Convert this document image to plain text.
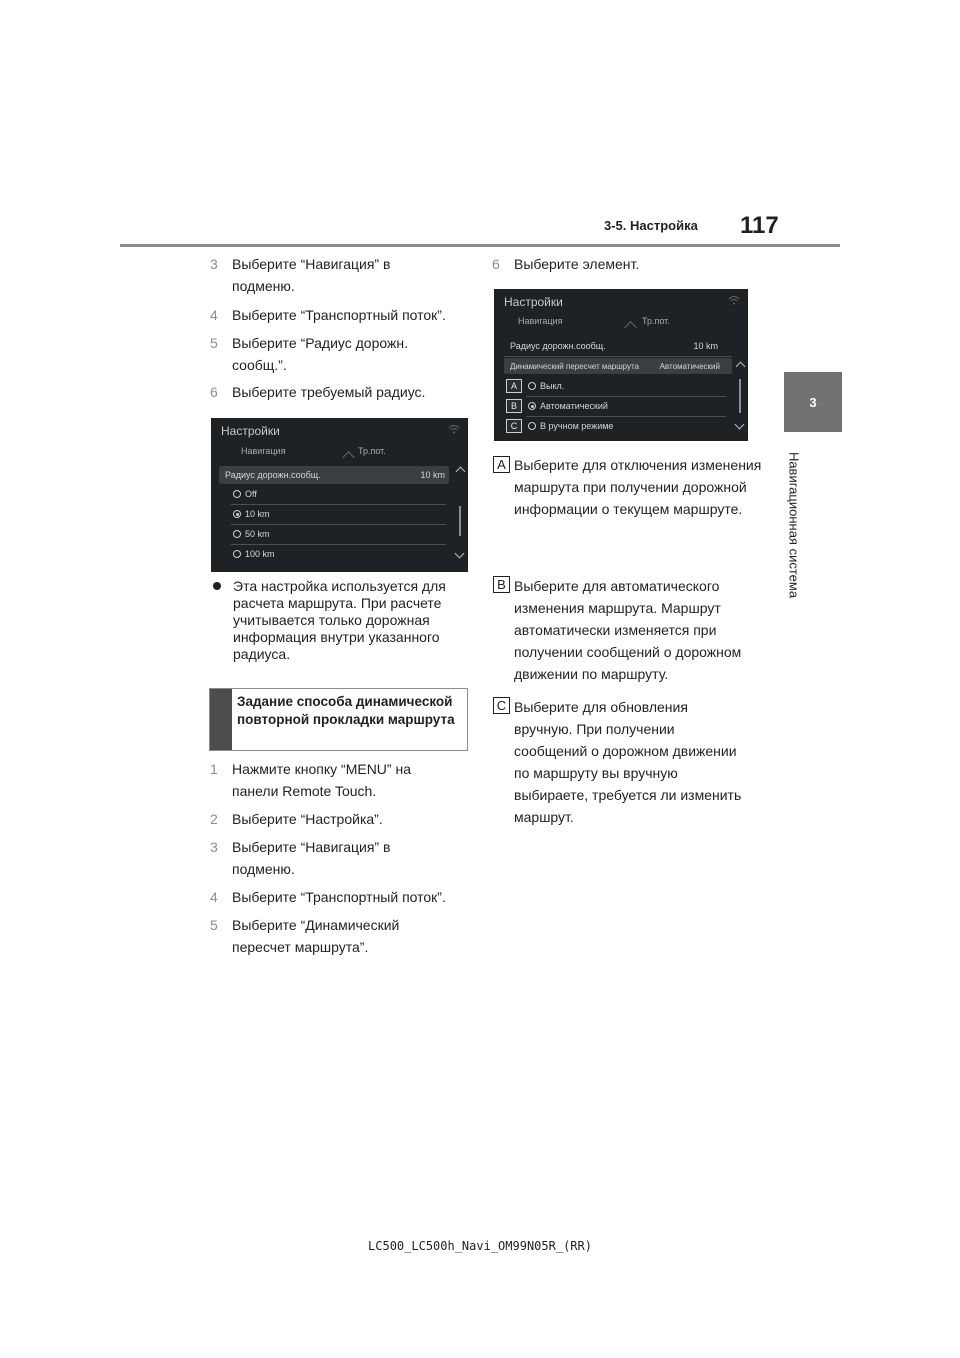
3-5. Настройка 117
3
Навигационная система
3 Выберите “Навигация” в подменю.
4 Выберите “Транспортный поток”.
5 Выберите “Радиус дорожн. сообщ.”.
6 Выберите требуемый радиус.
Настройки
Навигация	Тр.пот.
Радиус дорожн.сообщ.	10 km
Off
10 km
50 km
100 km
Эта настройка используется для расчета маршрута. При расчете учитывается только дорожная информация внутри указанного радиуса.
Задание способа динамической повторной прокладки маршрута
1 Нажмите кнопку “MENU” на панели Remote Touch.
2 Выберите “Настройка”.
3 Выберите “Навигация” в подменю.
4 Выберите “Транспортный поток”.
5 Выберите “Динамический пересчет маршрута”.
6 Выберите элемент.
Настройки
Навигация	Тр.пот.
Радиус дорожн.сообщ.	10 km
Динамический пересчет маршрута	Автоматический
A	Выкл.
B	Автоматический
C	В ручном режиме
A Выберите для отключения изменения маршрута при получении дорожной информации о текущем маршруте.
B Выберите для автоматического изменения маршрута. Маршрут автоматически изменяется при получении сообщений о дорожном движении по маршруту.
C Выберите для обновления вручную. При получении сообщений о дорожном движении по маршруту вы вручную выбираете, требуется ли изменить маршрут.
LC500_LC500h_Navi_OM99N05R_(RR)
